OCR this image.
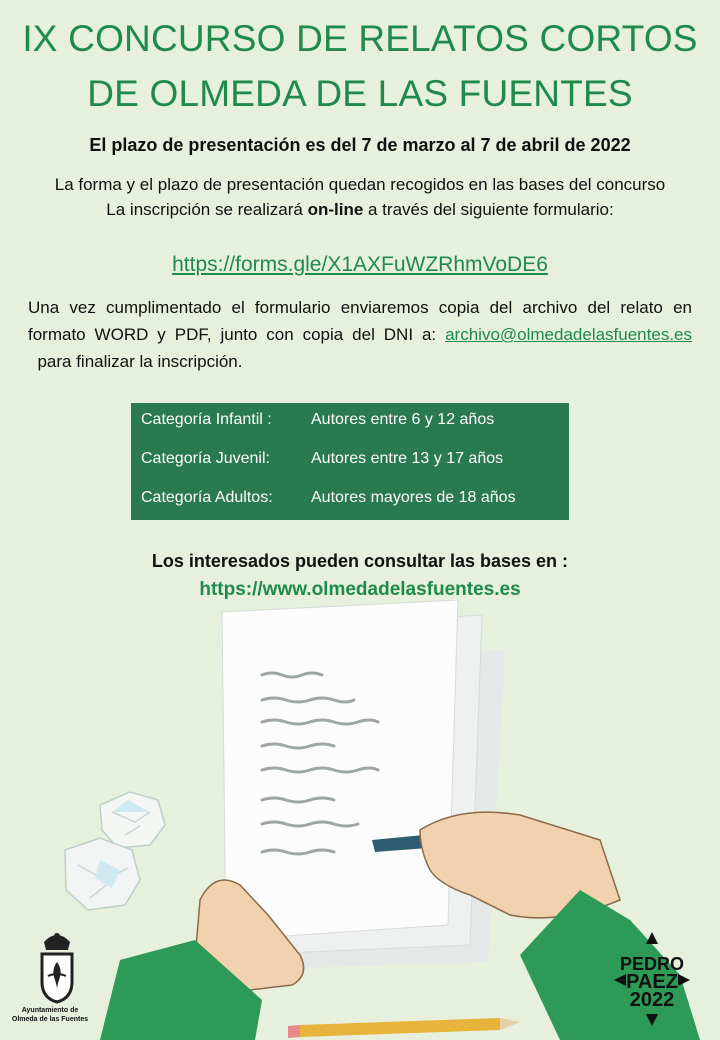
IX CONCURSO DE RELATOS CORTOS
DE OLMEDA DE LAS FUENTES
El plazo de presentación es del 7 de marzo al 7 de abril de 2022
La forma y el plazo de presentación quedan recogidos en las bases del concurso
La inscripción se realizará on-line a través del siguiente formulario:
https://forms.gle/X1AXFuWZRhmVoDE6
Una vez cumplimentado el formulario enviaremos copia del archivo del relato en formato WORD y PDF, junto con copia del DNI a: archivo@olmedadelasfuentes.es  para finalizar la inscripción.
Categoría Infantil : Autores entre 6 y 12 años
Categoría Juvenil:	Autores entre 13 y 17 años
Categoría Adultos: Autores mayores de 18 años
Los interesados pueden consultar las bases en :
https://www.olmedadelasfuentes.es
Ayuntamiento de
Olmeda de las Fuentes
PEDRO
PAEZ
2022
